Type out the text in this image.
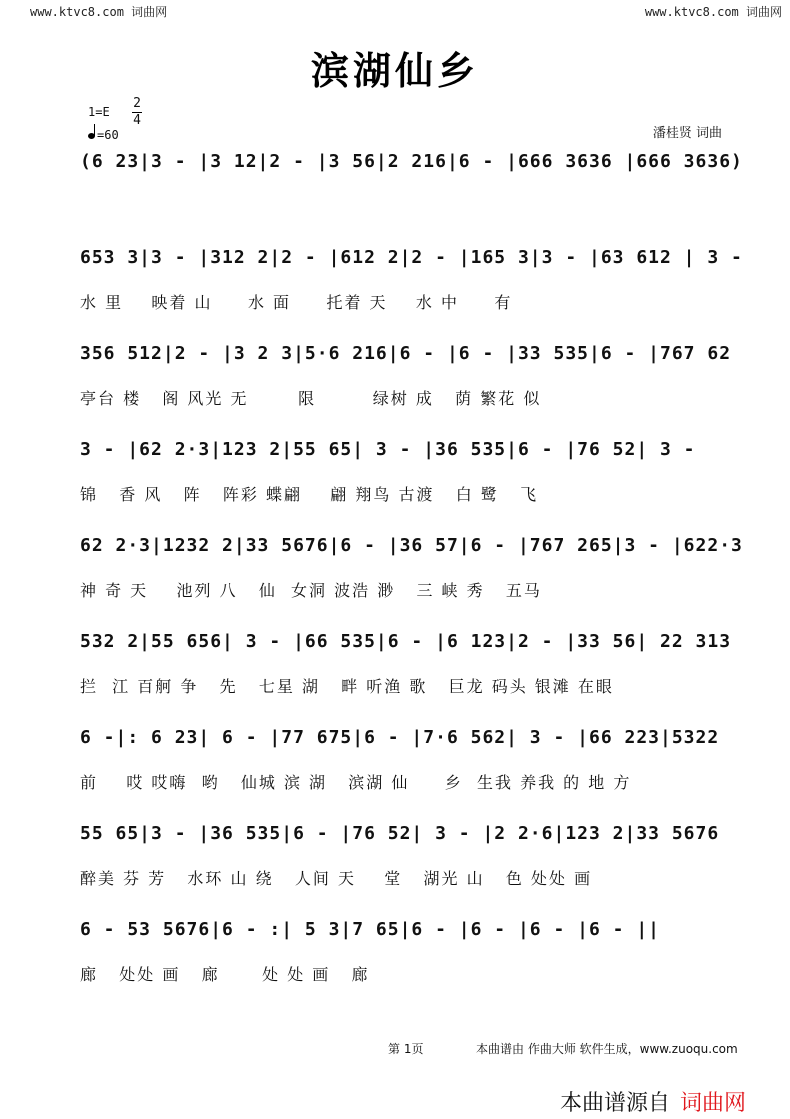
www.ktvc8.com 词曲网	www.ktvc8.com 词曲网
滨湖仙乡
1=E
2
4
=60	潘桂贤 词曲
(6 23|3 - |3 12|2 - |3 56|2 216|6 - |666 3636 |666 3636)
653 3|3 - |312 2|2 - |612 2|2 - |165 3|3 - |63 612 | 3 -
水 里    映着 山     水 面     托着 天    水 中     有
356 512|2 - |3 2 3|5·6 216|6 - |6 - |33 535|6 - |767 62
亭台 楼   阁 风光 无       限        绿树 成   荫 繁花 似
3 - |62 2·3|123 2|55 65| 3 - |36 535|6 - |76 52| 3 -
锦   香 风   阵   阵彩 蝶翩    翩 翔鸟 古渡   白 鹭   飞
62 2·3|1232 2|33 5676|6 - |36 57|6 - |767 265|3 - |622·3
神 奇 天    池列 八   仙  女洞 波浩 渺   三 峡 秀   五马
532 2|55 656| 3 - |66 535|6 - |6 123|2 - |33 56| 22 313
拦  江 百舸 争   先   七星 湖   畔 听渔 歌   巨龙 码头 银滩 在眼
6 -|: 6 23| 6 - |77 675|6 - |7·6 562| 3 - |66 223|5322
前    哎 哎嗨  哟   仙城 滨 湖   滨湖 仙     乡  生我 养我 的 地 方
55 65|3 - |36 535|6 - |76 52| 3 - |2 2·6|123 2|33 5676
醉美 芬 芳   水环 山 绕   人间 天    堂   湖光 山   色 处处 画
6 - 53 5676|6 - :| 5 3|7 65|6 - |6 - |6 - |6 - ||
廊   处处 画   廊      处 处 画   廊
第 1页	本曲谱由 作曲大师 软件生成，www.zuoqu.com
本曲谱源自 词曲网
